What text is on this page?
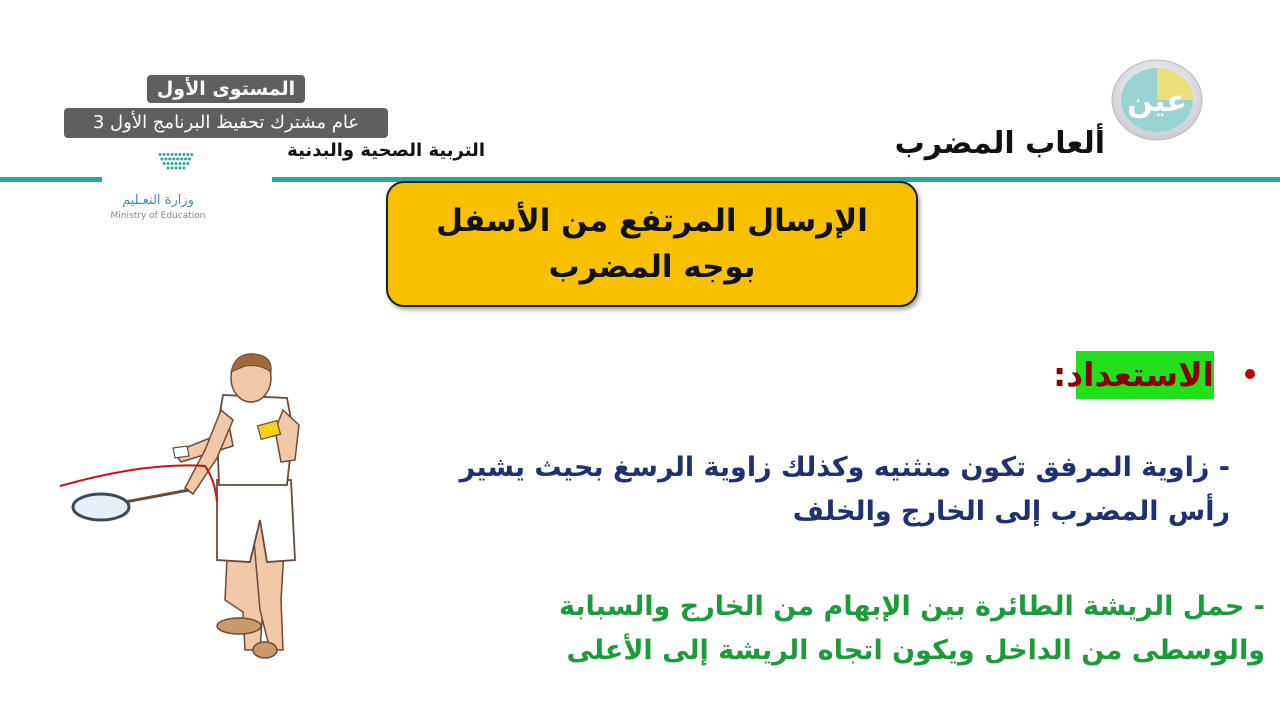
المستوى الأول
عام مشترك تحفيظ البرنامج الأول 3
التربية الصحية والبدنية	ألعاب المضرب
وزارة التعـليم
Ministry of Education
عين
الإرسال المرتفع من الأسفل بوجه المضرب
الاستعداد:
- زاوية المرفق تكون منثنيه وكذلك زاوية الرسغ بحيث يشير رأس المضرب إلى الخارج والخلف
- حمل الريشة الطائرة بين الإبهام من الخارج والسبابة والوسطى من الداخل ويكون اتجاه الريشة إلى الأعلى
